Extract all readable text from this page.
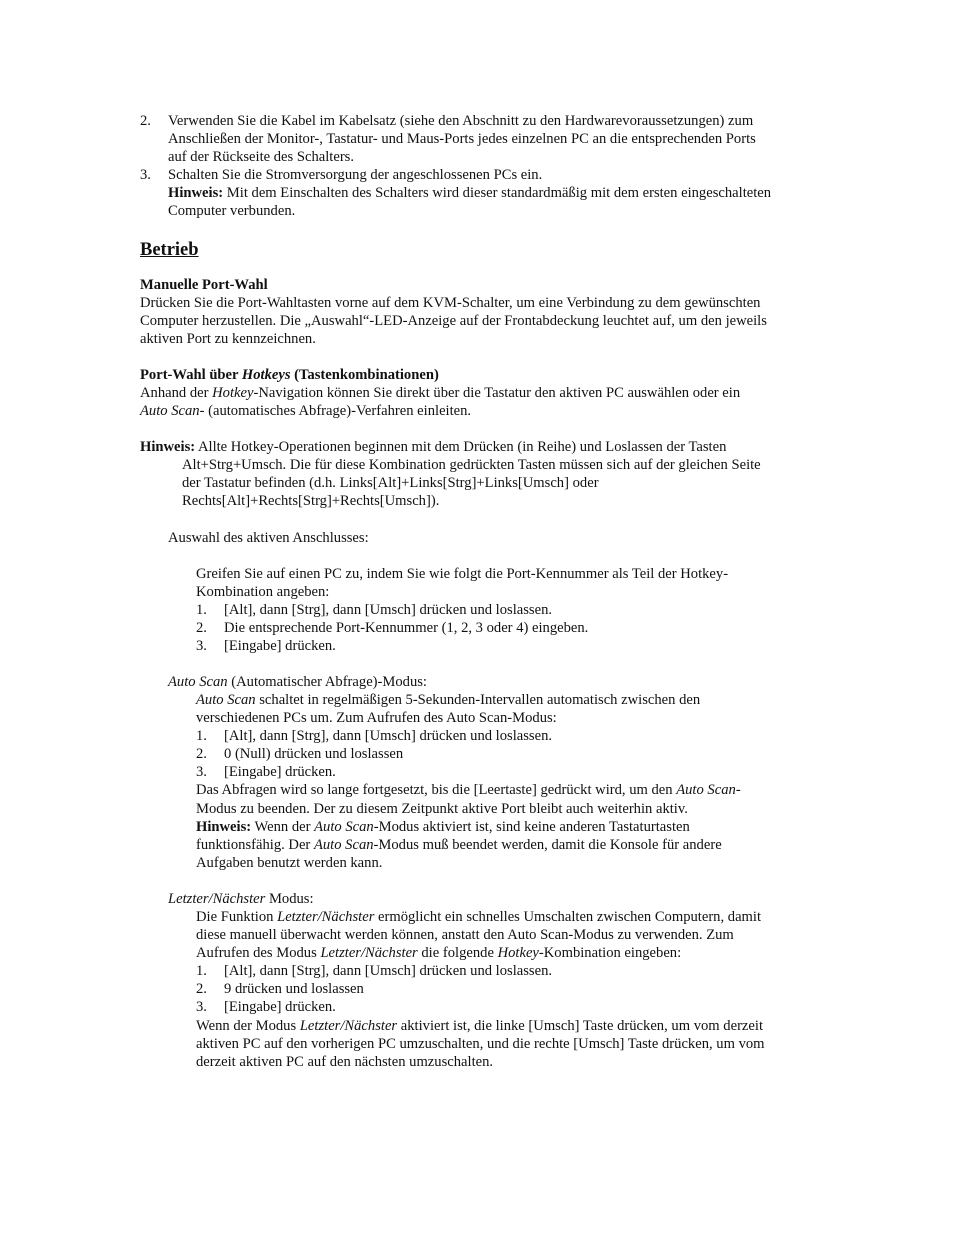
2. Verwenden Sie die Kabel im Kabelsatz (siehe den Abschnitt zu den Hardwarevoraussetzungen) zum
Anschließen der Monitor-, Tastatur- und Maus-Ports jedes einzelnen PC an die entsprechenden Ports
auf der Rückseite des Schalters.
3. Schalten Sie die Stromversorgung der angeschlossenen PCs ein.
Hinweis: Mit dem Einschalten des Schalters wird dieser standardmäßig mit dem ersten eingeschalteten
Computer verbunden.
Betrieb
Manuelle Port-Wahl
Drücken Sie die Port-Wahltasten vorne auf dem KVM-Schalter, um eine Verbindung zu dem gewünschten
Computer herzustellen. Die „Auswahl“-LED-Anzeige auf der Frontabdeckung leuchtet auf, um den jeweils
aktiven Port zu kennzeichnen.
Port-Wahl über Hotkeys (Tastenkombinationen)
Anhand der Hotkey-Navigation können Sie direkt über die Tastatur den aktiven PC auswählen oder ein
Auto Scan- (automatisches Abfrage)-Verfahren einleiten.
Hinweis: Allte Hotkey-Operationen beginnen mit dem Drücken (in Reihe) und Loslassen der Tasten
Alt+Strg+Umsch. Die für diese Kombination gedrückten Tasten müssen sich auf der gleichen Seite
der Tastatur befinden (d.h. Links[Alt]+Links[Strg]+Links[Umsch] oder
Rechts[Alt]+Rechts[Strg]+Rechts[Umsch]).
Auswahl des aktiven Anschlusses:
Greifen Sie auf einen PC zu, indem Sie wie folgt die Port-Kennummer als Teil der Hotkey-
Kombination angeben:
1.	[Alt], dann [Strg], dann [Umsch] drücken und loslassen.
2.	Die entsprechende Port-Kennummer (1, 2, 3 oder 4) eingeben.
3.	[Eingabe] drücken.
Auto Scan (Automatischer Abfrage)-Modus:
Auto Scan schaltet in regelmäßigen 5-Sekunden-Intervallen automatisch zwischen den
verschiedenen PCs um. Zum Aufrufen des Auto Scan-Modus:
1.	[Alt], dann [Strg], dann [Umsch] drücken und loslassen.
2.	0 (Null) drücken und loslassen
3.	[Eingabe] drücken.
Das Abfragen wird so lange fortgesetzt, bis die [Leertaste] gedrückt wird, um den Auto Scan-
Modus zu beenden. Der zu diesem Zeitpunkt aktive Port bleibt auch weiterhin aktiv.
Hinweis: Wenn der Auto Scan-Modus aktiviert ist, sind keine anderen Tastaturtasten
funktionsfähig. Der Auto Scan-Modus muß beendet werden, damit die Konsole für andere
Aufgaben benutzt werden kann.
Letzter/Nächster Modus:
Die Funktion Letzter/Nächster ermöglicht ein schnelles Umschalten zwischen Computern, damit
diese manuell überwacht werden können, anstatt den Auto Scan-Modus zu verwenden. Zum
Aufrufen des Modus Letzter/Nächster die folgende Hotkey-Kombination eingeben:
1.	[Alt], dann [Strg], dann [Umsch] drücken und loslassen.
2.	9 drücken und loslassen
3.	[Eingabe] drücken.
Wenn der Modus Letzter/Nächster aktiviert ist, die linke [Umsch] Taste drücken, um vom derzeit
aktiven PC auf den vorherigen PC umzuschalten, und die rechte [Umsch] Taste drücken, um vom
derzeit aktiven PC auf den nächsten umzuschalten.
